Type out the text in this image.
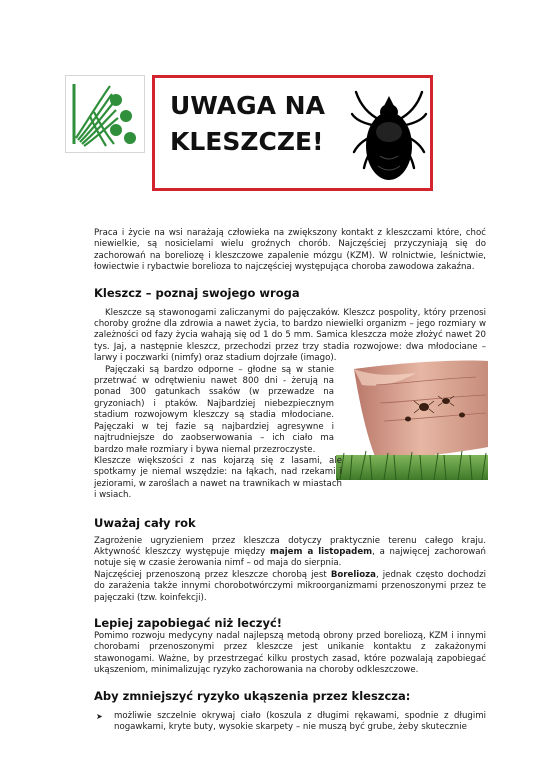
UWAGA NA
KLESZCZE!

Praca i życie na wsi narażają człowieka na zwiększony kontakt z kleszczami które, choć niewielkie, są nosicielami wielu groźnych chorób. Najczęściej przyczyniają się do zachorowań na boreliozę i kleszczowe zapalenie mózgu (KZM). W rolnictwie, leśnictwie, łowiectwie i rybactwie borelioza to najczęściej występująca choroba zawodowa zakaźna.

Kleszcz – poznaj swojego wroga

Kleszcze są stawonogami zaliczanymi do pajęczaków. Kleszcz pospolity, który przenosi choroby groźne dla zdrowia a nawet życia, to bardzo niewielki organizm – jego rozmiary w zależności od fazy życia wahają się od 1 do 5 mm. Samica kleszcza może złożyć nawet 20 tys. Jaj, a następnie kleszcz, przechodzi przez trzy stadia rozwojowe: dwa młodociane – larwy i poczwarki (nimfy) oraz stadium dojrzałe (imago).

Pajęczaki są bardzo odporne – głodne są w stanie przetrwać w odrętwieniu nawet 800 dni - żerują na ponad 300 gatunkach ssaków (w przewadze na gryzoniach) i ptaków. Najbardziej niebezpiecznym stadium rozwojowym kleszczy są stadia młodociane. Pajęczaki w tej fazie są najbardziej agresywne i najtrudniejsze do zaobserwowania – ich ciało ma bardzo małe rozmiary i bywa niemal przezroczyste.

Kleszcze większości z nas kojarzą się z lasami, ale spotkamy je niemal wszędzie: na łąkach, nad rzekami i jeziorami, w zaroślach a nawet na trawnikach w miastach i wsiach.

Uważaj cały rok

Zagrożenie ugryzieniem przez kleszcza dotyczy praktycznie terenu całego kraju. Aktywność kleszczy występuje między majem a listopadem, a najwięcej zachorowań notuje się w czasie żerowania nimf – od maja do sierpnia.

Najczęściej przenoszoną przez kleszcze chorobą jest Borelioza, jednak często dochodzi do zarażenia także innymi chorobotwórczymi mikroorganizmami przenoszonymi przez te pajęczaki (tzw. koinfekcji).

Lepiej zapobiegać niż leczyć!

Pomimo rozwoju medycyny nadal najlepszą metodą obrony przed boreliozą, KZM i innymi chorobami przenoszonymi przez kleszcze jest unikanie kontaktu z zakażonymi stawonogami. Ważne, by przestrzegać kilku prostych zasad, które pozwalają zapobiegać ukąszeniom, minimalizując ryzyko zachorowania na choroby odkleszczowe.

Aby zmniejszyć ryzyko ukąszenia przez kleszcza:
➤ możliwie szczelnie okrywaj ciało (koszula z długimi rękawami, spodnie z długimi nogawkami, kryte buty, wysokie skarpety – nie muszą być grube, żeby skutecznie
